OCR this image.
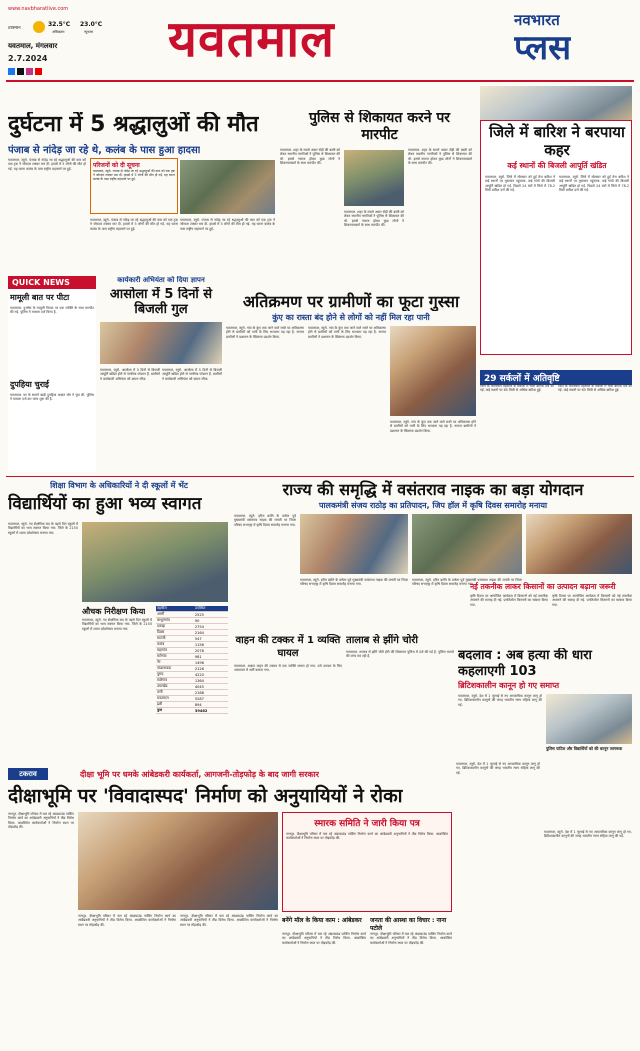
www.navbharatlive.com
तापमान
32.5°C
अधिकतम
23.0°C
न्यूनतम
यवतमाल, मंगलवार
2.7.2024 यवतमाल	नवभारत
प्लस
दुर्घटना में 5 श्रद्धालुओं की मौत
पंजाब से नांदेड़ जा रहे थे, कलंब के पास हुआ हादसा
यवतमाल, ब्यूरो. पंजाब से नांदेड़ जा रहे श्रद्धालुओं की कार को एक ट्रक ने जोरदार टक्कर मार दी. हादसे में 5 लोगों की मौत हो गई. यह घटना कलंब के पास राष्ट्रीय महामार्ग पर हुई.	परिजनों को दी सूचना
यवतमाल, ब्यूरो. पंजाब से नांदेड़ जा रहे श्रद्धालुओं की कार को एक ट्रक ने जोरदार टक्कर मार दी. हादसे में 5 लोगों की मौत हो गई. यह घटना कलंब के पास राष्ट्रीय महामार्ग पर हुई.
यवतमाल, ब्यूरो. पंजाब से नांदेड़ जा रहे श्रद्धालुओं की कार को एक ट्रक ने जोरदार टक्कर मार दी. हादसे में 5 लोगों की मौत हो गई. यह घटना कलंब के पास राष्ट्रीय महामार्ग पर हुई.
यवतमाल, ब्यूरो. पंजाब से नांदेड़ जा रहे श्रद्धालुओं की कार को एक ट्रक ने जोरदार टक्कर मार दी. हादसे में 5 लोगों की मौत हो गई. यह घटना कलंब के पास राष्ट्रीय महामार्ग पर हुई.
पुलिस से शिकायत करने पर मारपीट
यवतमाल. शहर के सावरे अवार रोड़ी की बस्ती को लेकर स्थानीय नागरिकों ने पुलिस से शिकायत की थी. इससे नाराज होकर कुछ लोगों ने शिकायतकर्ता के साथ मारपीट की.
यवतमाल. शहर के सावरे अवार रोड़ी की बस्ती को लेकर स्थानीय नागरिकों ने पुलिस से शिकायत की थी. इससे नाराज होकर कुछ लोगों ने शिकायतकर्ता के साथ मारपीट की.
यवतमाल. शहर के सावरे अवार रोड़ी की बस्ती को लेकर स्थानीय नागरिकों ने पुलिस से शिकायत की थी. इससे नाराज होकर कुछ लोगों ने शिकायतकर्ता के साथ मारपीट की.
जिले में बारिश ने बरपाया कहर
कई स्थानों की बिजली आपूर्ति खंडित
यवतमाल, ब्यूरो. जिले में सोमवार को हुई तेज बारिश ने कई स्थानों पर नुकसान पहुंचाया. कई गांवों की बिजली आपूर्ति खंडित हो गई. पिछले 24 घंटों में जिले में 78.2 मिमी बारिश दर्ज की गई.
यवतमाल, ब्यूरो. जिले में सोमवार को हुई तेज बारिश ने कई स्थानों पर नुकसान पहुंचाया. कई गांवों की बिजली आपूर्ति खंडित हो गई. पिछले 24 घंटों में जिले में 78.2 मिमी बारिश दर्ज की गई.
QUICK NEWS
मामूली बात पर पीटा
यवतमाल. दुर्भाषा के मामूली विवाद पर एक व्यक्ति के साथ मारपीट की गई. पुलिस ने मामला दर्ज किया है.
दुपहिया चुराई
यवतमाल. घर के सामने खड़ी दुपहिया अज्ञात चोर ने चुरा ली. पुलिस ने मामला दर्ज कर जांच शुरू की है.
कार्यकारी अभियंता को दिया ज्ञापन
आसोला में 5 दिनों से बिजली गुल
यवतमाल, ब्यूरो. आसोला में 5 दिनों से बिजली आपूर्ति खंडित होने से नागरिक परेशान हैं. ग्रामीणों ने कार्यकारी अभियंता को ज्ञापन सौंपा.
यवतमाल, ब्यूरो. आसोला में 5 दिनों से बिजली आपूर्ति खंडित होने से नागरिक परेशान हैं. ग्रामीणों ने कार्यकारी अभियंता को ज्ञापन सौंपा.
अतिक्रमण पर ग्रामीणों का फूटा गुस्सा
कुंए का रास्ता बंद होने से लोगों को नहीं मिल रहा पानी
यवतमाल, ब्यूरो. गांव के कुंए तक जाने वाले रास्ते पर अतिक्रमण होने से ग्रामीणों को पानी के लिए भटकना पड़ रहा है. नाराज ग्रामीणों ने प्रशासन के खिलाफ प्रदर्शन किया.
यवतमाल, ब्यूरो. गांव के कुंए तक जाने वाले रास्ते पर अतिक्रमण होने से ग्रामीणों को पानी के लिए भटकना पड़ रहा है. नाराज ग्रामीणों ने प्रशासन के खिलाफ प्रदर्शन किया.
यवतमाल, ब्यूरो. गांव के कुंए तक जाने वाले रास्ते पर अतिक्रमण होने से ग्रामीणों को पानी के लिए भटकना पड़ रहा है. नाराज ग्रामीणों ने प्रशासन के खिलाफ प्रदर्शन किया.
29 सर्कलों में अतिवृष्टि
जिले के यवतमाल तहसील के सर्कलों में भारी बारिश दर्ज की गई. कई स्थानों पर 65 मिमी से अधिक बारिश हुई.
जिले के यवतमाल तहसील के सर्कलों में भारी बारिश दर्ज की गई. कई स्थानों पर 65 मिमी से अधिक बारिश हुई.
शिक्षा विभाग के अधिकारियों ने दी स्कूलों में भेंट
विद्यार्थियों का हुआ भव्य स्वागत
यवतमाल, ब्यूरो. नए शैक्षणिक सत्र के पहले दिन स्कूलों में विद्यार्थियों का भव्य स्वागत किया गया. जिले के 2150 स्कूलों में शाला प्रवेशोत्सव मनाया गया.
औचक निरीक्षण किया
यवतमाल, ब्यूरो. नए शैक्षणिक सत्र के पहले दिन स्कूलों में विद्यार्थियों का भव्य स्वागत किया गया. जिले के 2150 स्कूलों में शाला प्रवेशोत्सव मनाया गया.
तहसील	उपस्थित
आर्णी	2525
बाभुलगांव	90
दारव्हा	2754
दिग्रस	2164
घाटंजी	547
कलंब	1156
महागांव	2076
मारेगांव	981
नेर	1496
पांढरकवडा	2126
पुसद	4220
राळेगांव	1364
उमरखेड	4045
वणी	2188
यवतमाल	5287
झरी	894
कुल	39462
राज्य की समृद्धि में वसंतराव नाइक का बड़ा योगदान
पालकमंत्री संजय राठोड़ का प्रतिपादन, जिप हॉल में कृषि दिवस समारोह मनाया
यवतमाल, ब्यूरो. हरित क्रांति के प्रणेता पूर्व मुख्यमंत्री वसंतराव नाइक की जयंती पर जिला परिषद सभागृह में कृषि दिवस समारोह मनाया गया.
यवतमाल, ब्यूरो. हरित क्रांति के प्रणेता पूर्व मुख्यमंत्री वसंतराव नाइक की जयंती पर जिला परिषद सभागृह में कृषि दिवस समारोह मनाया गया.
यवतमाल, ब्यूरो. हरित क्रांति के प्रणेता पूर्व मुख्यमंत्री वसंतराव नाइक की जयंती पर जिला परिषद सभागृह में कृषि दिवस समारोह मनाया गया.
नई तकनीक लाकर किसानों का उत्पादन बढ़ाना जरूरी
कृषि दिवस पर आयोजित कार्यक्रम में किसानों को नई तकनीक अपनाने की सलाह दी गई. प्रगतिशील किसानों का सत्कार किया गया.
कृषि दिवस पर आयोजित कार्यक्रम में किसानों को नई तकनीक अपनाने की सलाह दी गई. प्रगतिशील किसानों का सत्कार किया गया.
वाहन की टक्कर में 1 व्यक्ति घायल
यवतमाल. अज्ञात वाहन की टक्कर से एक व्यक्ति घायल हो गया. उसे उपचार के लिए अस्पताल में भर्ती कराया गया.
तालाब से झींगे चोरी
यवतमाल. तालाब से झींगे चोरी होने की शिकायत पुलिस में दर्ज की गई है. पुलिस मामले की जांच कर रही है.	बदलाव : अब हत्या की धारा कहलाएगी 103
ब्रिटिशकालीन कानून हो गए समाप्त
यवतमाल, ब्यूरो. देश में 1 जुलाई से नए आपराधिक कानून लागू हो गए. ब्रिटिशकालीन कानूनों की जगह भारतीय न्याय संहिता लागू की गई.
पुलिस पाटिल और विद्यार्थियों को की कानून जागरूक
टकराव	दीक्षा भूमि पर धमके आंबेडकरी कार्यकर्ता, आगजनी-तोड़फोड़ के बाद जागी सरकार
दीक्षाभूमि पर 'विवादास्पद' निर्माण को अनुयायियों ने रोका
नागपुर. दीक्षाभूमि परिसर में चल रहे अंडरग्राउंड पार्किंग निर्माण कार्य का आंबेडकरी अनुयायियों ने तीव्र विरोध किया. आक्रोशित कार्यकर्ताओं ने निर्माण स्थल पर तोड़फोड़ की.
नागपुर. दीक्षाभूमि परिसर में चल रहे अंडरग्राउंड पार्किंग निर्माण कार्य का आंबेडकरी अनुयायियों ने तीव्र विरोध किया. आक्रोशित कार्यकर्ताओं ने निर्माण स्थल पर तोड़फोड़ की.
नागपुर. दीक्षाभूमि परिसर में चल रहे अंडरग्राउंड पार्किंग निर्माण कार्य का आंबेडकरी अनुयायियों ने तीव्र विरोध किया. आक्रोशित कार्यकर्ताओं ने निर्माण स्थल पर तोड़फोड़ की.
स्मारक समिति ने जारी किया पत्र
नागपुर. दीक्षाभूमि परिसर में चल रहे अंडरग्राउंड पार्किंग निर्माण कार्य का आंबेडकरी अनुयायियों ने तीव्र विरोध किया. आक्रोशित कार्यकर्ताओं ने निर्माण स्थल पर तोड़फोड़ की.
बनेंगे मॉल के किया काम : आंबेडकर
नागपुर. दीक्षाभूमि परिसर में चल रहे अंडरग्राउंड पार्किंग निर्माण कार्य का आंबेडकरी अनुयायियों ने तीव्र विरोध किया. आक्रोशित कार्यकर्ताओं ने निर्माण स्थल पर तोड़फोड़ की.
जनता की आस्था का विचार : नाना पटोले
नागपुर. दीक्षाभूमि परिसर में चल रहे अंडरग्राउंड पार्किंग निर्माण कार्य का आंबेडकरी अनुयायियों ने तीव्र विरोध किया. आक्रोशित कार्यकर्ताओं ने निर्माण स्थल पर तोड़फोड़ की.
यवतमाल, ब्यूरो. देश में 1 जुलाई से नए आपराधिक कानून लागू हो गए. ब्रिटिशकालीन कानूनों की जगह भारतीय न्याय संहिता लागू की गई.
यवतमाल, ब्यूरो. देश में 1 जुलाई से नए आपराधिक कानून लागू हो गए. ब्रिटिशकालीन कानूनों की जगह भारतीय न्याय संहिता लागू की गई.
